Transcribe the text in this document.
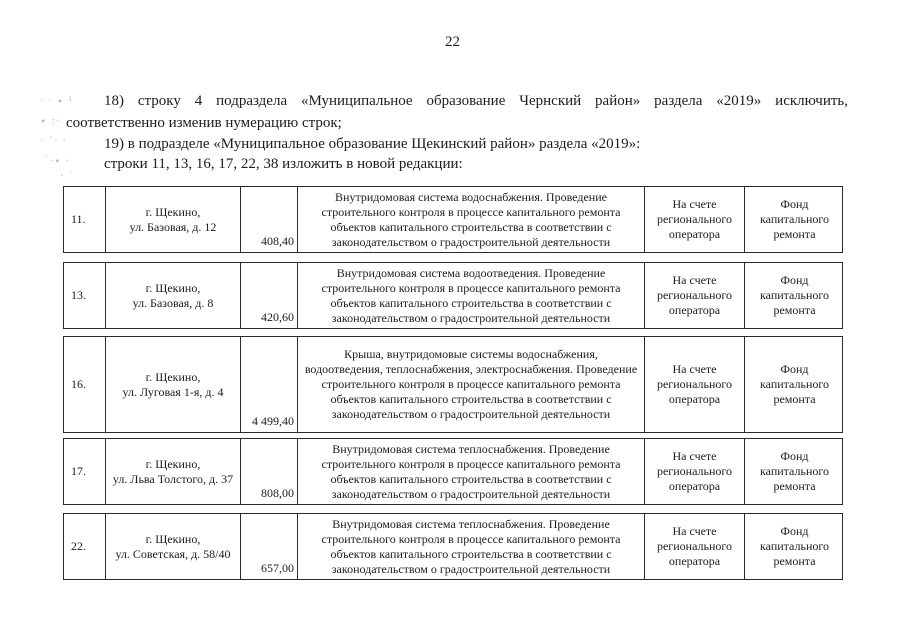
22
· · ∙ ¹
∙ :·
· ˙· ·
˙·∙ ·
· ˙
18) строку 4 подраздела «Муниципальное образование Чернский район» раздела «2019» исключить,
соответственно изменив нумерацию строк;
19) в подразделе «Муниципальное образование Щекинский район» раздела «2019»:
строки 11, 13, 16, 17, 22, 38 изложить в новой редакции:
11.
г. Щекино,
ул. Базовая, д. 12
408,40
Внутридомовая система водоснабжения. Проведение строительного контроля в процессе капитального ремонта объектов капитального строительства в соответствии с законодательством о градостроительной деятельности
На счете
регионального
оператора
Фонд
капитального
ремонта
13.
г. Щекино,
ул. Базовая, д. 8
420,60
Внутридомовая система водоотведения. Проведение строительного контроля в процессе капитального ремонта объектов капитального строительства в соответствии с законодательством о градостроительной деятельности
На счете
регионального
оператора
Фонд
капитального
ремонта
16.
г. Щекино,
ул. Луговая 1-я, д. 4
4 499,40
Крыша, внутридомовые системы водоснабжения, водоотведения, теплоснабжения, электроснабжения. Проведение строительного контроля в процессе капитального ремонта объектов капитального строительства в соответствии с законодательством о градостроительной деятельности
На счете
регионального
оператора
Фонд
капитального
ремонта
17.
г. Щекино,
ул. Льва Толстого, д. 37
808,00
Внутридомовая система теплоснабжения. Проведение строительного контроля в процессе капитального ремонта объектов капитального строительства в соответствии с законодательством о градостроительной деятельности
На счете
регионального
оператора
Фонд
капитального
ремонта
22.
г. Щекино,
ул. Советская, д. 58/40
657,00
Внутридомовая система теплоснабжения. Проведение строительного контроля в процессе капитального ремонта объектов капитального строительства в соответствии с законодательством о градостроительной деятельности
На счете
регионального
оператора
Фонд
капитального
ремонта
